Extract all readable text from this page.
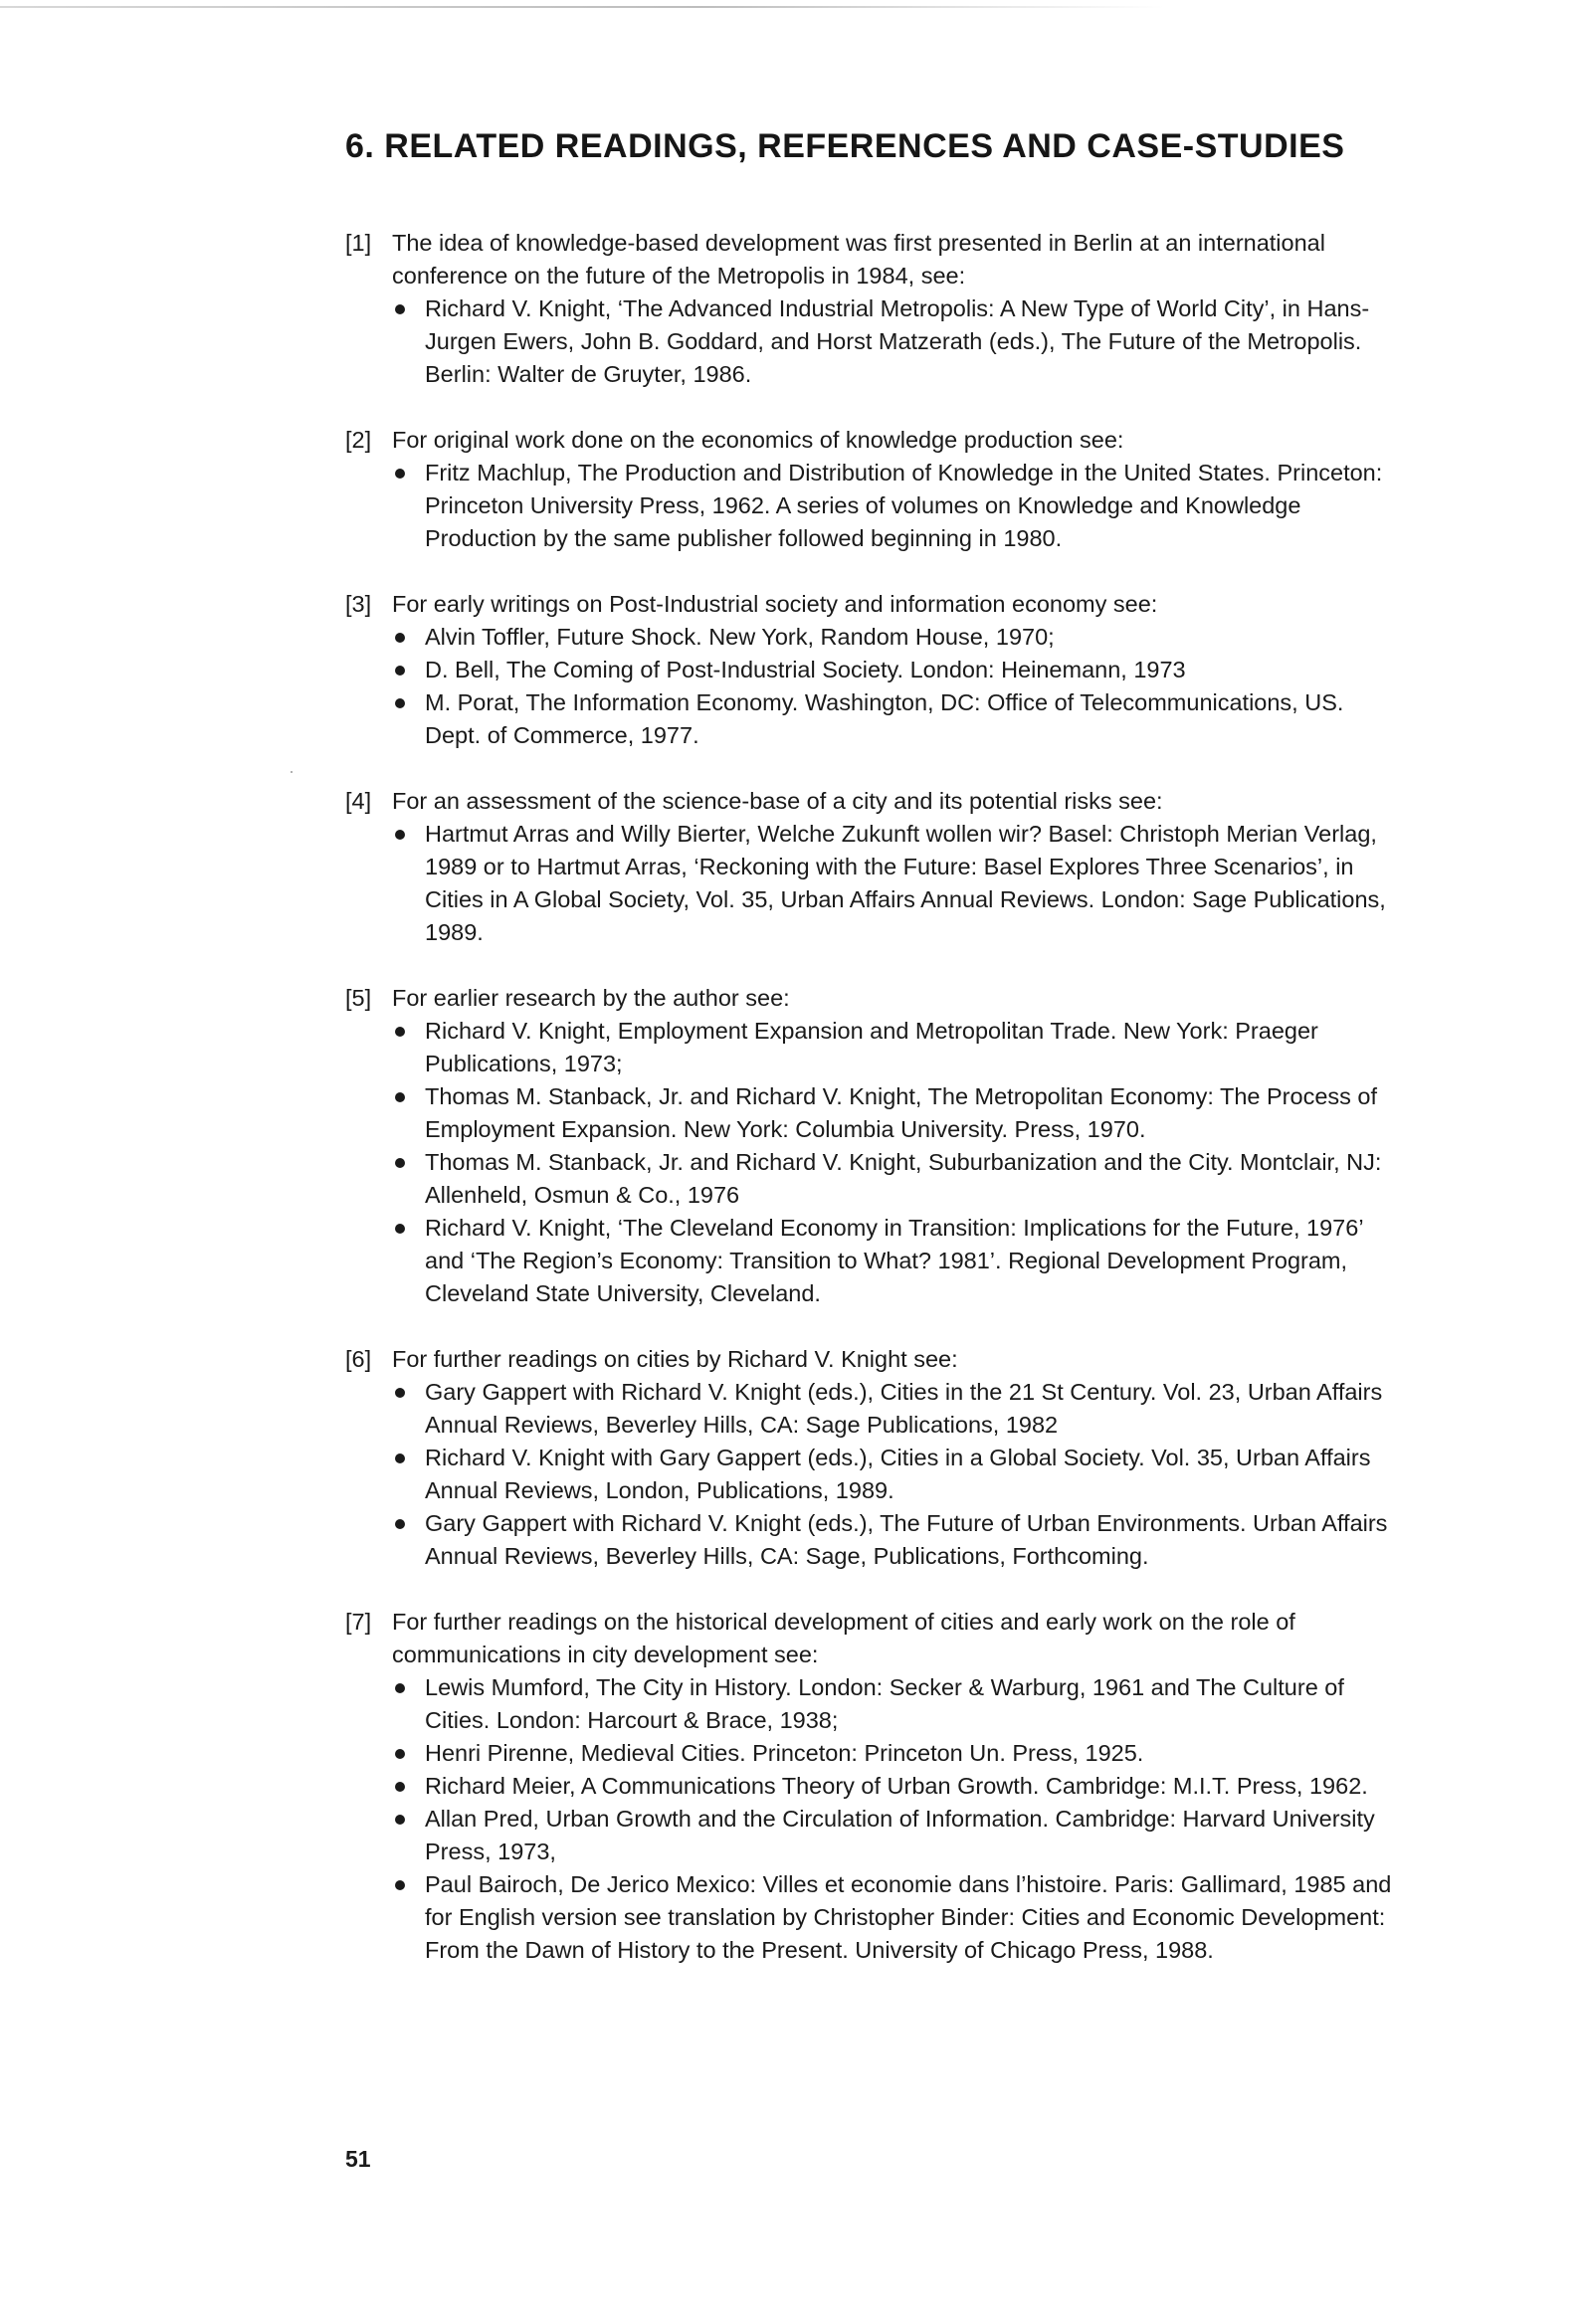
6. RELATED READINGS, REFERENCES AND CASE-STUDIES
[1] The idea of knowledge-based development was first presented in Berlin at an international conference on the future of the Metropolis in 1984, see:
Richard V. Knight, ‘The Advanced Industrial Metropolis: A New Type of World City’, in Hans-Jurgen Ewers, John B. Goddard, and Horst Matzerath (eds.), The Future of the Metropolis. Berlin: Walter de Gruyter, 1986.
[2] For original work done on the economics of knowledge production see:
Fritz Machlup, The Production and Distribution of Knowledge in the United States. Princeton: Princeton University Press, 1962. A series of volumes on Knowledge and Knowledge Production by the same publisher followed beginning in 1980.
[3] For early writings on Post-Industrial society and information economy see:
Alvin Toffler, Future Shock. New York, Random House, 1970;
D. Bell, The Coming of Post-Industrial Society. London: Heinemann, 1973
M. Porat, The Information Economy. Washington, DC: Office of Telecommunications, US. Dept. of Commerce, 1977.
[4] For an assessment of the science-base of a city and its potential risks see:
Hartmut Arras and Willy Bierter, Welche Zukunft wollen wir? Basel: Christoph Merian Verlag, 1989 or to Hartmut Arras, ‘Reckoning with the Future: Basel Explores Three Scenarios’, in Cities in A Global Society, Vol. 35, Urban Affairs Annual Reviews. London: Sage Publications, 1989.
[5] For earlier research by the author see:
Richard V. Knight, Employment Expansion and Metropolitan Trade. New York: Praeger Publications, 1973;
Thomas M. Stanback, Jr. and Richard V. Knight, The Metropolitan Economy: The Process of Employment Expansion. New York: Columbia University. Press, 1970.
Thomas M. Stanback, Jr. and Richard V. Knight, Suburbanization and the City. Montclair, NJ: Allenheld, Osmun & Co., 1976
Richard V. Knight, ‘The Cleveland Economy in Transition: Implications for the Future, 1976’ and ‘The Region’s Economy: Transition to What? 1981’. Regional Development Program, Cleveland State University, Cleveland.
[6] For further readings on cities by Richard V. Knight see:
Gary Gappert with Richard V. Knight (eds.), Cities in the 21 St Century. Vol. 23, Urban Affairs Annual Reviews, Beverley Hills, CA: Sage Publications, 1982
Richard V. Knight with Gary Gappert (eds.), Cities in a Global Society. Vol. 35, Urban Affairs Annual Reviews, London, Publications, 1989.
Gary Gappert with Richard V. Knight (eds.), The Future of Urban Environments. Urban Affairs Annual Reviews, Beverley Hills, CA: Sage, Publications, Forthcoming.
[7] For further readings on the historical development of cities and early work on the role of communications in city development see:
Lewis Mumford, The City in History. London: Secker & Warburg, 1961 and The Culture of Cities. London: Harcourt & Brace, 1938;
Henri Pirenne, Medieval Cities. Princeton: Princeton Un. Press, 1925.
Richard Meier, A Communications Theory of Urban Growth. Cambridge: M.I.T. Press, 1962.
Allan Pred, Urban Growth and the Circulation of Information. Cambridge: Harvard University Press, 1973,
Paul Bairoch, De Jerico Mexico: Villes et economie dans l’histoire. Paris: Gallimard, 1985 and for English version see translation by Christopher Binder: Cities and Economic Development: From the Dawn of History to the Present. University of Chicago Press, 1988.
51
